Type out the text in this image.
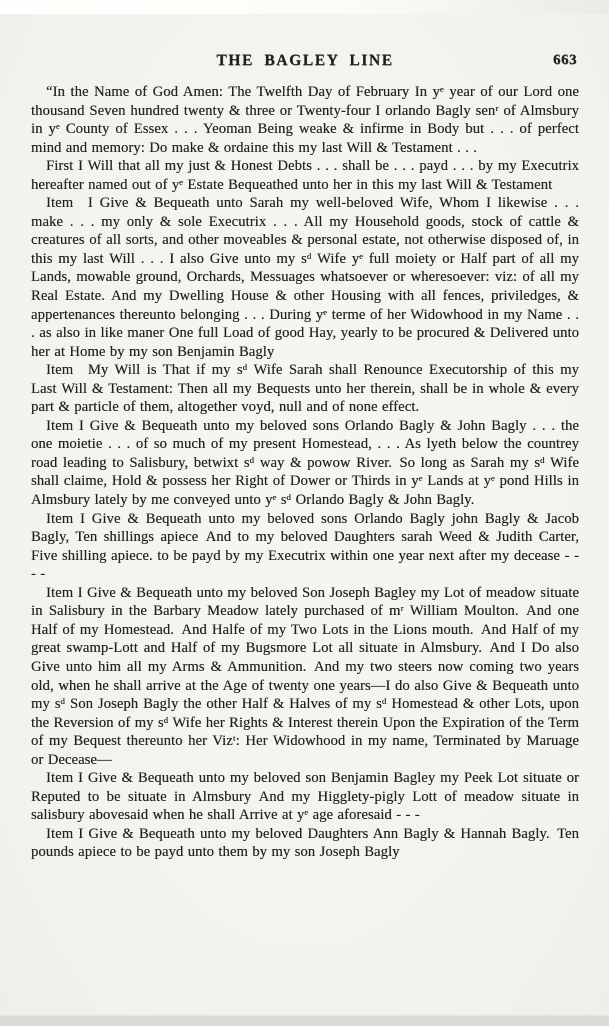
THE BAGLEY LINE	663

“In the Name of God Amen: The Twelfth Day of February In yᵉ year of our Lord one thousand Seven hundred twenty & three or Twenty-four I orlando Bagly senʳ of Almsbury in yᵉ County of Essex . . . Yeoman Being weake & infirme in Body but . . . of perfect mind and memory: Do make & ordaine this my last Will & Testament . . .

First I Will that all my just & Honest Debts . . . shall be . . . payd . . . by my Executrix hereafter named out of yᵉ Estate Bequeathed unto her in this my last Will & Testament

Item I Give & Bequeath unto Sarah my well-beloved Wife, Whom I likewise . . . make . . . my only & sole Executrix . . . All my Household goods, stock of cattle & creatures of all sorts, and other moveables & personal estate, not otherwise disposed of, in this my last Will . . . I also Give unto my sᵈ Wife yᵉ full moiety or Half part of all my Lands, mowable ground, Orchards, Messuages whatsoever or wheresoever: viz: of all my Real Estate. And my Dwelling House & other Housing with all fences, priviledges, & appertenances thereunto belonging . . . During yᵉ terme of her Widowhood in my Name . . . as also in like maner One full Load of good Hay, yearly to be procured & Delivered unto her at Home by my son Benjamin Bagly

Item My Will is That if my sᵈ Wife Sarah shall Renounce Executorship of this my Last Will & Testament: Then all my Bequests unto her therein, shall be in whole & every part & particle of them, altogether voyd, null and of none effect.

Item I Give & Bequeath unto my beloved sons Orlando Bagly & John Bagly . . . the one moietie . . . of so much of my present Homestead, . . . As lyeth below the countrey road leading to Salisbury, betwixt sᵈ way & powow River. So long as Sarah my sᵈ Wife shall claime, Hold & possess her Right of Dower or Thirds in yᵉ Lands at yᵉ pond Hills in Almsbury lately by me conveyed unto yᵉ sᵈ Orlando Bagly & John Bagly.

Item I Give & Bequeath unto my beloved sons Orlando Bagly john Bagly & Jacob Bagly, Ten shillings apiece And to my beloved Daughters sarah Weed & Judith Carter, Five shilling apiece. to be payd by my Executrix within one year next after my decease - - - -

Item I Give & Bequeath unto my beloved Son Joseph Bagley my Lot of meadow situate in Salisbury in the Barbary Meadow lately purchased of mʳ William Moulton. And one Half of my Homestead. And Halfe of my Two Lots in the Lions mouth. And Half of my great swamp-Lott and Half of my Bugsmore Lot all situate in Almsbury. And I Do also Give unto him all my Arms & Ammunition. And my two steers now coming two years old, when he shall arrive at the Age of twenty one years—I do also Give & Bequeath unto my sᵈ Son Joseph Bagly the other Half & Halves of my sᵈ Homestead & other Lots, upon the Reversion of my sᵈ Wife her Rights & Interest therein Upon the Expiration of the Term of my Bequest thereunto her Vizᵗ: Her Widowhood in my name, Terminated by Maruage or Decease—

Item I Give & Bequeath unto my beloved son Benjamin Bagley my Peek Lot situate or Reputed to be situate in Almsbury And my Higglety-pigly Lott of meadow situate in salisbury abovesaid when he shall Arrive at yᵉ age aforesaid - - -

Item I Give & Bequeath unto my beloved Daughters Ann Bagly & Hannah Bagly. Ten pounds apiece to be payd unto them by my son Joseph Bagly
